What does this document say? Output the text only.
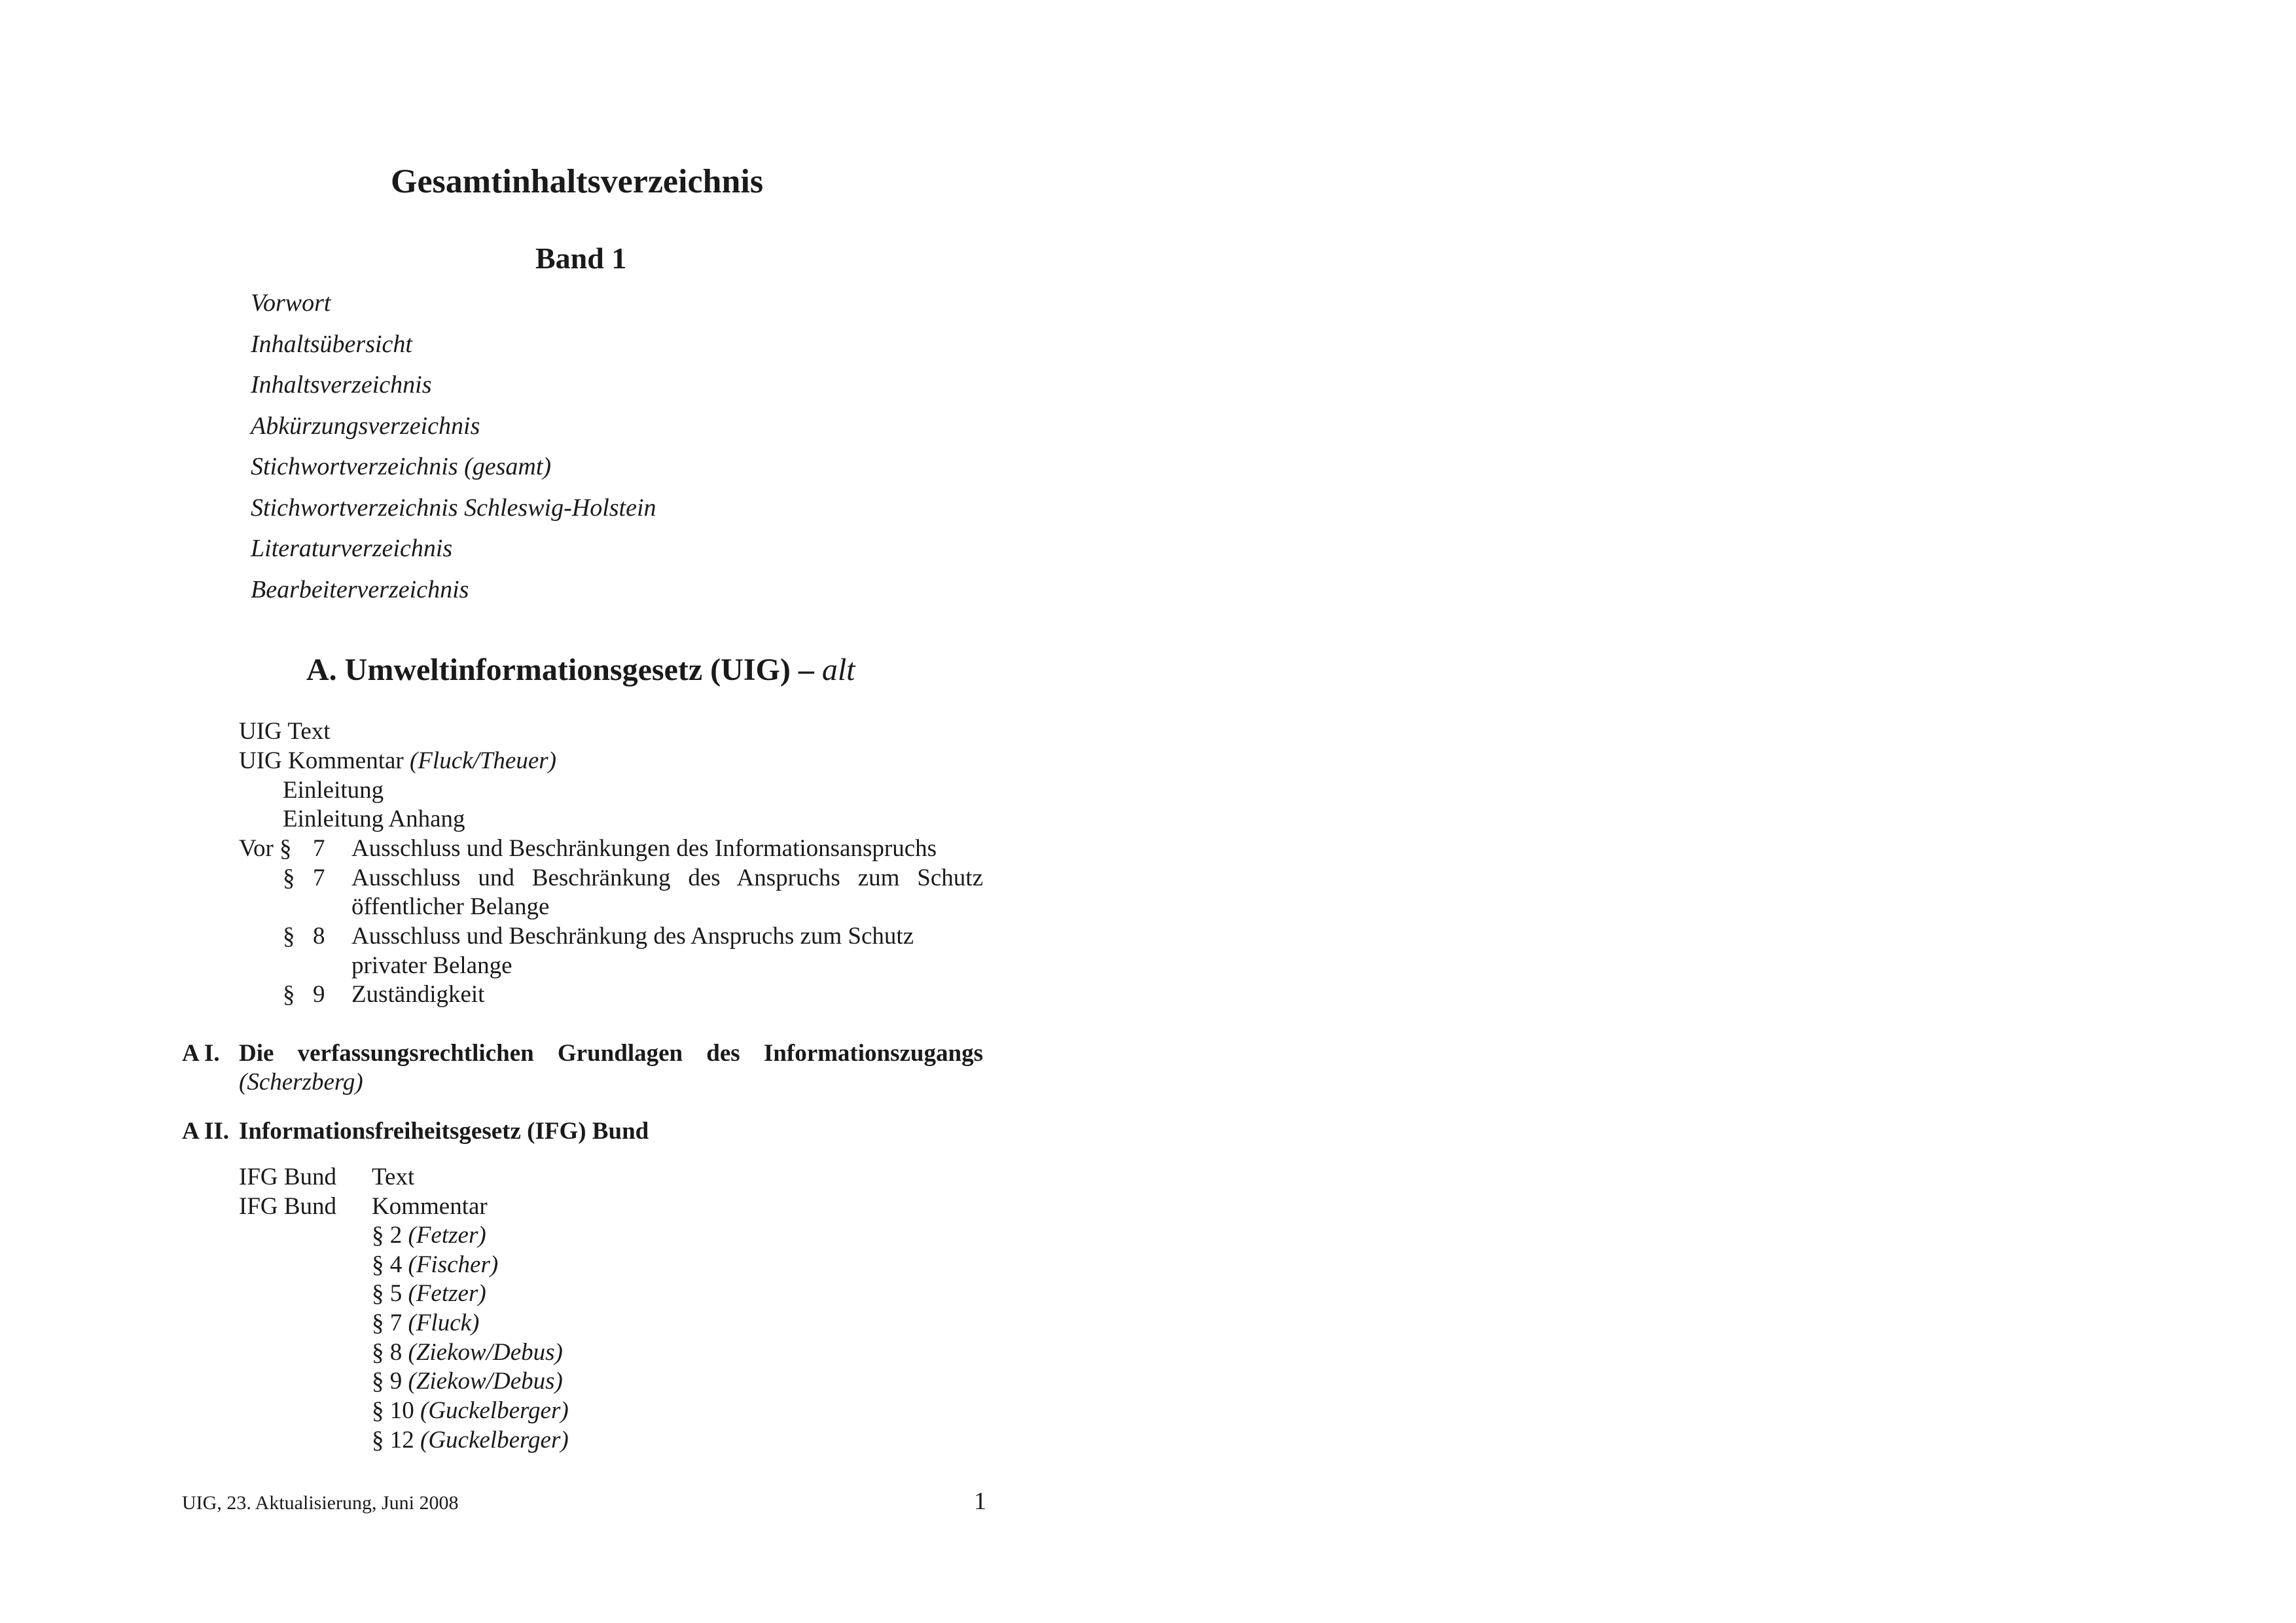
Gesamtinhaltsverzeichnis
Band 1
Vorwort
Inhaltsübersicht
Inhaltsverzeichnis
Abkürzungsverzeichnis
Stichwortverzeichnis (gesamt)
Stichwortverzeichnis Schleswig-Holstein
Literaturverzeichnis
Bearbeiterverzeichnis
A. Umweltinformationsgesetz (UIG) – alt
UIG Text
UIG Kommentar (Fluck/Theuer)
Einleitung
Einleitung Anhang
Vor § 7 Ausschluss und Beschränkungen des Informationsanspruchs
§ 7 Ausschluss und Beschränkung des Anspruchs zum Schutz
öffentlicher Belange
§ 8 Ausschluss und Beschränkung des Anspruchs zum Schutz
privater Belange
§ 9 Zuständigkeit
A I. Die verfassungsrechtlichen Grundlagen des Informationszugangs
(Scherzberg)
A II. Informationsfreiheitsgesetz (IFG) Bund
IFG Bund Text
IFG Bund Kommentar
§ 2 (Fetzer)
§ 4 (Fischer)
§ 5 (Fetzer)
§ 7 (Fluck)
§ 8 (Ziekow/Debus)
§ 9 (Ziekow/Debus)
§ 10 (Guckelberger)
§ 12 (Guckelberger)
UIG, 23. Aktualisierung, Juni 2008	1
